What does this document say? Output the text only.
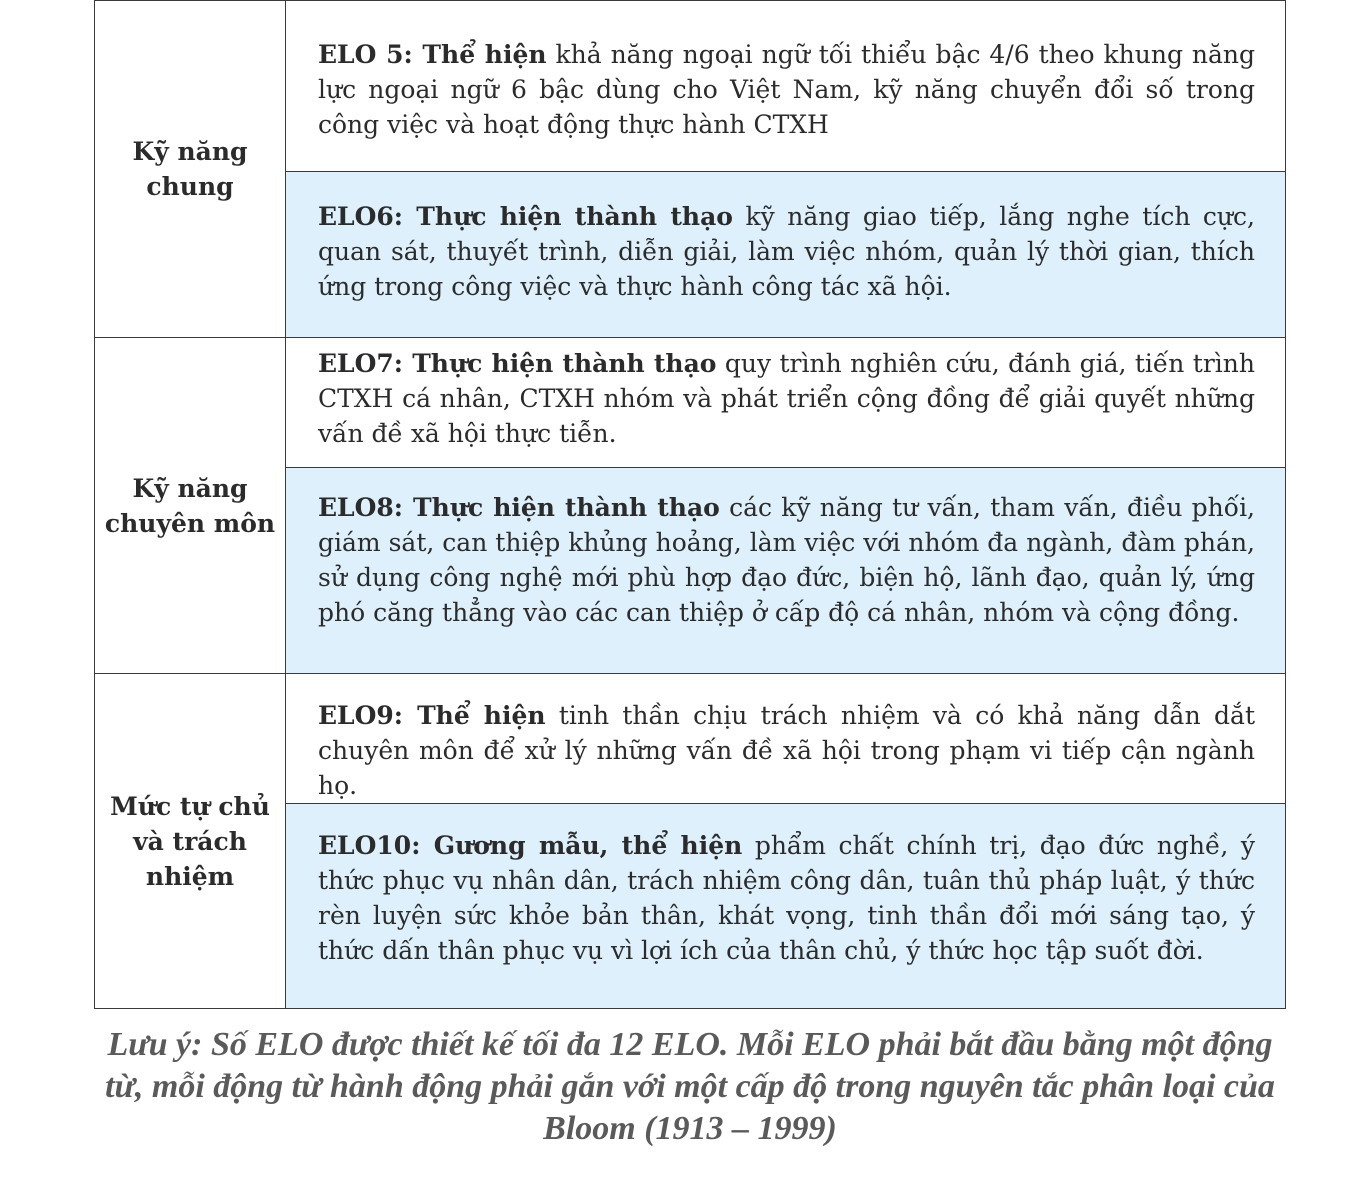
Kỹ năng chung	ELO 5: Thể hiện khả năng ngoại ngữ tối thiểu bậc 4/6 theo khung năng lực ngoại ngữ 6 bậc dùng cho Việt Nam, kỹ năng chuyển đổi số trong công việc và hoạt động thực hành CTXH

	ELO6: Thực hiện thành thạo kỹ năng giao tiếp, lắng nghe tích cực, quan sát, thuyết trình, diễn giải, làm việc nhóm, quản lý thời gian, thích ứng trong công việc và thực hành công tác xã hội.

Kỹ năng chuyên môn	ELO7: Thực hiện thành thạo quy trình nghiên cứu, đánh giá, tiến trình CTXH cá nhân, CTXH nhóm và phát triển cộng đồng để giải quyết những vấn đề xã hội thực tiễn.

	ELO8: Thực hiện thành thạo các kỹ năng tư vấn, tham vấn, điều phối, giám sát, can thiệp khủng hoảng, làm việc với nhóm đa ngành, đàm phán, sử dụng công nghệ mới phù hợp đạo đức, biện hộ, lãnh đạo, quản lý, ứng phó căng thẳng vào các can thiệp ở cấp độ cá nhân, nhóm và cộng đồng.

Mức tự chủ và trách nhiệm	ELO9: Thể hiện tinh thần chịu trách nhiệm và có khả năng dẫn dắt chuyên môn để xử lý những vấn đề xã hội trong phạm vi tiếp cận ngành họ.

	ELO10: Gương mẫu, thể hiện phẩm chất chính trị, đạo đức nghề, ý thức phục vụ nhân dân, trách nhiệm công dân, tuân thủ pháp luật, ý thức rèn luyện sức khỏe bản thân, khát vọng, tinh thần đổi mới sáng tạo, ý thức dấn thân phục vụ vì lợi ích của thân chủ, ý thức học tập suốt đời.
Lưu ý: Số ELO được thiết kế tối đa 12 ELO. Mỗi ELO phải bắt đầu bằng một động từ, mỗi động từ hành động phải gắn với một cấp độ trong nguyên tắc phân loại của Bloom (1913 – 1999)
